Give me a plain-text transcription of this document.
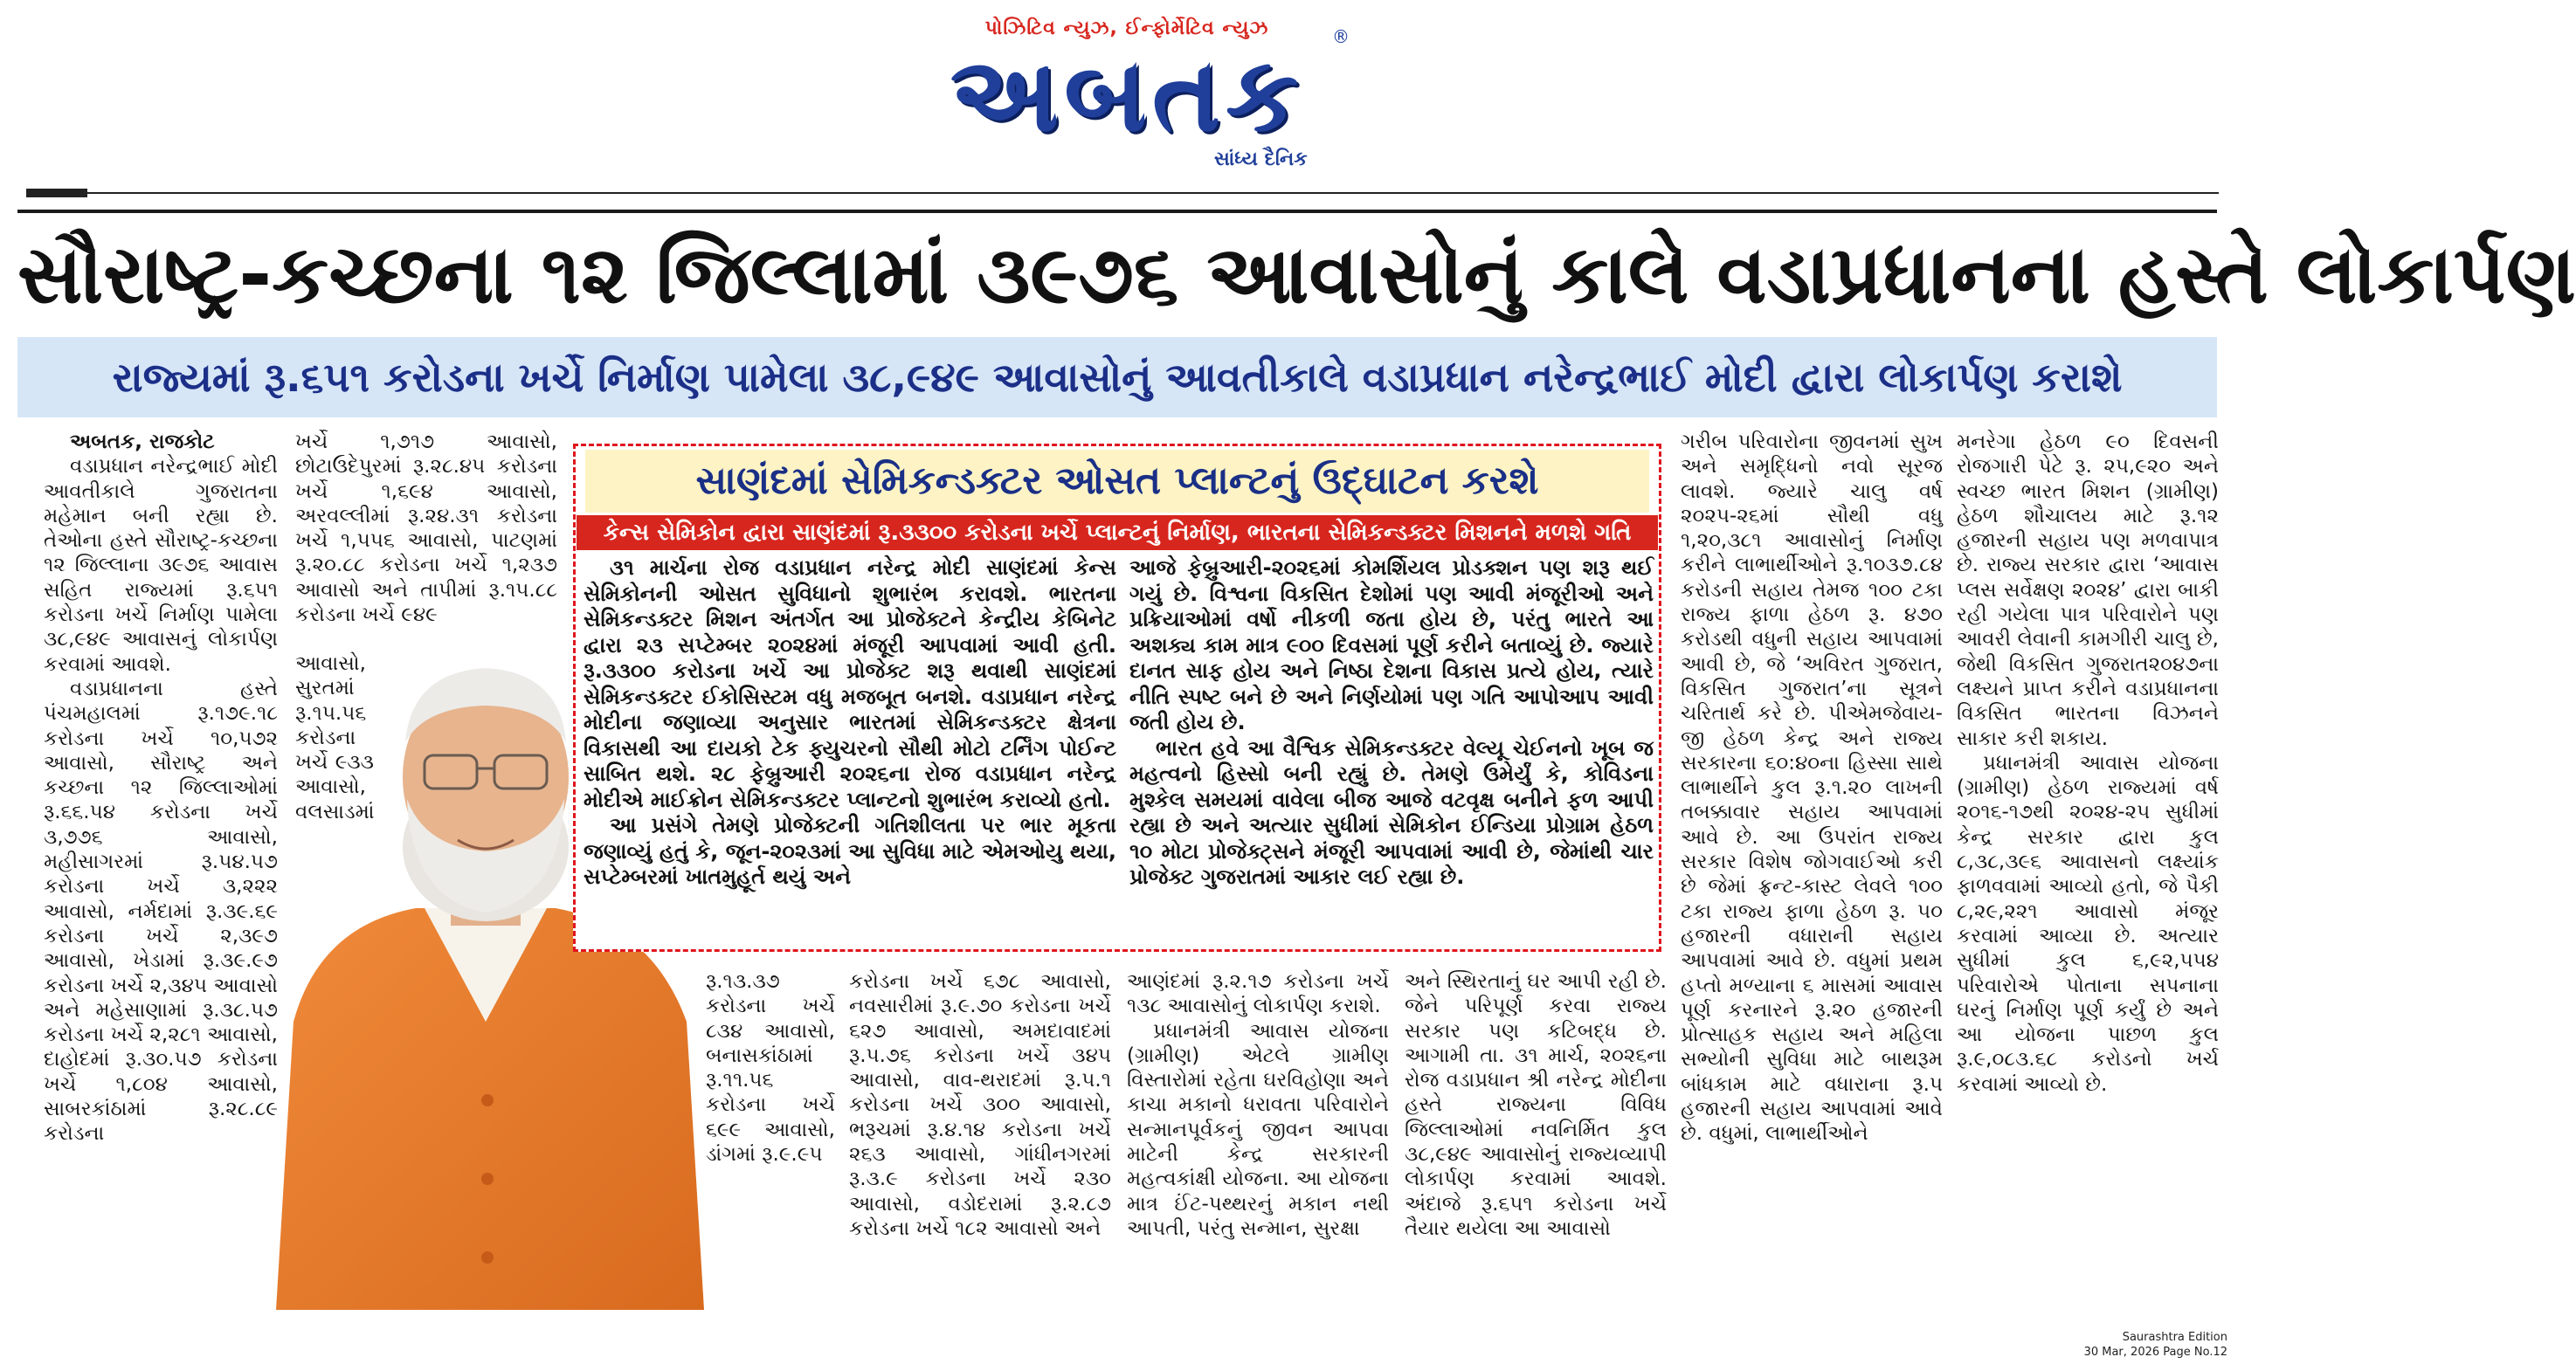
પોઝિટિવ ન્યુઝ, ઈન્ફોર્મેટિવ ન્યુઝ
અબતક	®
સાંધ્ય દૈનિક
સૌરાષ્ટ્ર-કચ્છના ૧૨ જિલ્લામાં ૩૯૭૬ આવાસોનું કાલે વડાપ્રધાનના હસ્તે લોકાર્પણ
રાજ્યમાં રૂ.૬૫૧ કરોડના ખર્ચે નિર્માણ પામેલા ૩૮,૯૪૯ આવાસોનું આવતીકાલે વડાપ્રધાન નરેન્દ્રભાઈ મોદી દ્વારા લોકાર્પણ કરાશે

અબતક, રાજકોટ

વડાપ્રધાન નરેન્દ્રભાઈ મોદી આવતીકાલે ગુજરાતના મહેમાન બની રહ્યા છે. તેઓના હસ્તે સૌરાષ્ટ્ર-કચ્છના ૧૨ જિલ્લાના ૩૯૭૬ આવાસ સહિત રાજ્યમાં રૂ.૬૫૧ કરોડના ખર્ચે નિર્માણ પામેલા ૩૮,૯૪૯ આવાસનું લોકાર્પણ કરવામાં આવશે.

વડાપ્રધાનના હસ્તે પંચમહાલમાં રૂ.૧૭૯.૧૮ કરોડના ખર્ચે ૧૦,૫૭૨ આવાસો, સૌરાષ્ટ્ર અને કચ્છના ૧૨ જિલ્લાઓમાં રૂ.૬૬.૫૪ કરોડના ખર્ચે ૩,૭૭૬ આવાસો, મહીસાગરમાં રૂ.૫૪.૫૭ કરોડના ખર્ચે ૩,૨૨૨ આવાસો, નર્મદામાં રૂ.૩૯.૬૯ કરોડના ખર્ચે ૨,૩૯૭ આવાસો, ખેડામાં રૂ.૩૯.૯૭ કરોડના ખર્ચે ૨,૩૪૫ આવાસો અને મહેસાણામાં રૂ.૩૮.૫૭ કરોડના ખર્ચે ૨,૨૮૧ આવાસો, દાહોદમાં રૂ.૩૦.૫૭ કરોડના ખર્ચે ૧,૮૦૪ આવાસો, સાબરકાંઠામાં રૂ.૨૮.૮૯ કરોડના

ખર્ચે ૧,૭૧૭ આવાસો, છોટાઉદેપુરમાં રૂ.૨૮.૪૫ કરોડના ખર્ચે ૧,૬૯૪ આવાસો, અરવલ્લીમાં રૂ.૨૪.૩૧ કરોડના ખર્ચે ૧,૫૫૬ આવાસો, પાટણમાં રૂ.૨૦.૮૮ કરોડના ખર્ચે ૧,૨૩૭ આવાસો અને તાપીમાં રૂ.૧૫.૮૮ કરોડના ખર્ચે ૯૪૯

આવાસો, સુરતમાં રૂ.૧૫.૫૬ કરોડના ખર્ચે ૯૩૩ આવાસો, વલસાડમાં

સાણંદમાં સેમિકન્ડક્ટર ઓસત પ્લાન્ટનું ઉદ્ઘાટન કરશે
કેન્સ સેમિકોન દ્વારા સાણંદમાં રૂ.૩૩૦૦ કરોડના ખર્ચે પ્લાન્ટનું નિર્માણ, ભારતના સેમિકન્ડક્ટર મિશનને મળશે ગતિ

૩૧ માર્ચના રોજ વડાપ્રધાન નરેન્દ્ર મોદી સાણંદમાં કેન્સ સેમિકોનની ઓસત સુવિધાનો શુભારંભ કરાવશે. ભારતના સેમિકન્ડક્ટર મિશન અંતર્ગત આ પ્રોજેક્ટને કેન્દ્રીય કેબિનેટ દ્વારા ૨૩ સપ્ટેમ્બર ૨૦૨૪માં મંજૂરી આપવામાં આવી હતી. રૂ.૩૩૦૦ કરોડના ખર્ચે આ પ્રોજેક્ટ શરૂ થવાથી સાણંદમાં સેમિકન્ડક્ટર ઈકોસિસ્ટમ વધુ મજબૂત બનશે. વડાપ્રધાન નરેન્દ્ર મોદીના જણાવ્યા અનુસાર ભારતમાં સેમિકન્ડક્ટર ક્ષેત્રના વિકાસથી આ દાયકો ટેક ફ્યુચરનો સૌથી મોટો ટર્નિંગ પોઈન્ટ સાબિત થશે. ૨૮ ફેબ્રુઆરી ૨૦૨૬ના રોજ વડાપ્રધાન નરેન્દ્ર મોદીએ માઈક્રોન સેમિકન્ડક્ટર પ્લાન્ટનો શુભારંભ કરાવ્યો હતો.

આ પ્રસંગે તેમણે પ્રોજેક્ટની ગતિશીલતા પર ભાર મૂકતા જણાવ્યું હતું કે, જૂન-૨૦૨૩માં આ સુવિધા માટે એમઓયુ થયા, સપ્ટેમ્બરમાં ખાતમુહૂર્ત થયું અને

આજે ફેબ્રુઆરી-૨૦૨૬માં કોમર્શિયલ પ્રોડક્શન પણ શરૂ થઈ ગયું છે. વિશ્વના વિકસિત દેશોમાં પણ આવી મંજૂરીઓ અને પ્રક્રિયાઓમાં વર્ષો નીકળી જતા હોય છે, પરંતુ ભારતે આ અશક્ય કામ માત્ર ૯૦૦ દિવસમાં પૂર્ણ કરીને બતાવ્યું છે. જ્યારે દાનત સાફ હોય અને નિષ્ઠા દેશના વિકાસ પ્રત્યે હોય, ત્યારે નીતિ સ્પષ્ટ બને છે અને નિર્ણયોમાં પણ ગતિ આપોઆપ આવી જતી હોય છે.

ભારત હવે આ વૈશ્વિક સેમિકન્ડક્ટર વેલ્યૂ ચેઈનનો ખૂબ જ મહત્વનો હિસ્સો બની રહ્યું છે. તેમણે ઉમેર્યું કે, કોવિડના મુશ્કેલ સમયમાં વાવેલા બીજ આજે વટવૃક્ષ બનીને ફળ આપી રહ્યા છે અને અત્યાર સુધીમાં સેમિકોન ઈન્ડિયા પ્રોગ્રામ હેઠળ ૧૦ મોટા પ્રોજેક્ટ્સને મંજૂરી આપવામાં આવી છે, જેમાંથી ચાર પ્રોજેક્ટ ગુજરાતમાં આકાર લઈ રહ્યા છે.

રૂ.૧૩.૩૭ કરોડના ખર્ચે ૮૩૪ આવાસો, બનાસકાંઠામાં રૂ.૧૧.૫૬ કરોડના ખર્ચે ૬૯૯ આવાસો, ડાંગમાં રૂ.૯.૯૫

કરોડના ખર્ચે ૬૭૮ આવાસો, નવસારીમાં રૂ.૯.૭૦ કરોડના ખર્ચે ૬૨૭ આવાસો, અમદાવાદમાં રૂ.૫.૭૬ કરોડના ખર્ચે ૩૪૫ આવાસો, વાવ-થરાદમાં રૂ.૫.૧ કરોડના ખર્ચે ૩૦૦ આવાસો, ભરૂચમાં રૂ.૪.૧૪ કરોડના ખર્ચે ૨૬૩ આવાસો, ગાંધીનગરમાં રૂ.૩.૯ કરોડના ખર્ચે ૨૩૦ આવાસો, વડોદરામાં રૂ.૨.૮૭ કરોડના ખર્ચે ૧૮૨ આવાસો અને

આણંદમાં રૂ.૨.૧૭ કરોડના ખર્ચે ૧૩૮ આવાસોનું લોકાર્પણ કરાશે.

પ્રધાનમંત્રી આવાસ યોજના (ગ્રામીણ) એટલે ગ્રામીણ વિસ્તારોમાં રહેતા ઘરવિહોણા અને કાચા મકાનો ધરાવતા પરિવારોને સન્માનપૂર્વકનું જીવન આપવા માટેની કેન્દ્ર સરકારની મહત્વકાંક્ષી યોજના. આ યોજના માત્ર ઈંટ-પથ્થરનું મકાન નથી આપતી, પરંતુ સન્માન, સુરક્ષા

અને સ્થિરતાનું ઘર આપી રહી છે. જેને પરિપૂર્ણ કરવા રાજ્ય સરકાર પણ કટિબદ્ધ છે. આગામી તા. ૩૧ માર્ચ, ૨૦૨૬ના રોજ વડાપ્રધાન શ્રી નરેન્દ્ર મોદીના હસ્તે રાજ્યના વિવિધ જિલ્લાઓમાં નવનિર્મિત કુલ ૩૮,૯૪૯ આવાસોનું રાજ્યવ્યાપી લોકાર્પણ કરવામાં આવશે. અંદાજે રૂ.૬૫૧ કરોડના ખર્ચે તૈયાર થયેલા આ આવાસો

ગરીબ પરિવારોના જીવનમાં સુખ અને સમૃદ્ધિનો નવો સૂરજ લાવશે. જ્યારે ચાલુ વર્ષ ૨૦૨૫-૨૬માં સૌથી વધુ ૧,૨૦,૩૮૧ આવાસોનું નિર્માણ કરીને લાભાર્થીઓને રૂ.૧૦૩૭.૮૪ કરોડની સહાય તેમજ ૧૦૦ ટકા રાજ્ય ફાળા હેઠળ રૂ. ૪૭૦ કરોડથી વધુની સહાય આપવામાં આવી છે, જે ‘અવિરત ગુજરાત, વિકસિત ગુજરાત’ના સૂત્રને ચરિતાર્થ કરે છે. પીએમજેવાય-જી હેઠળ કેન્દ્ર અને રાજ્ય સરકારના ૬૦:૪૦ના હિસ્સા સાથે લાભાર્થીને કુલ રૂ.૧.૨૦ લાખની તબક્કાવાર સહાય આપવામાં આવે છે. આ ઉપરાંત રાજ્ય સરકાર વિશેષ જોગવાઈઓ કરી છે જેમાં ફ્રન્ટ-કાસ્ટ લેવલે ૧૦૦ ટકા રાજ્ય ફાળા હેઠળ રૂ. ૫૦ હજારની વધારાની સહાય આપવામાં આવે છે. વધુમાં પ્રથમ હપ્તો મળ્યાના ૬ માસમાં આવાસ પૂર્ણ કરનારને રૂ.૨૦ હજારની પ્રોત્સાહક સહાય અને મહિલા સભ્યોની સુવિધા માટે બાથરૂમ બાંધકામ માટે વધારાના રૂ.૫ હજારની સહાય આપવામાં આવે છે. વધુમાં, લાભાર્થીઓને

મનરેગા હેઠળ ૯૦ દિવસની રોજગારી પેટે રૂ. ૨૫,૯૨૦ અને સ્વચ્છ ભારત મિશન (ગ્રામીણ) હેઠળ શૌચાલય માટે રૂ.૧૨ હજારની સહાય પણ મળવાપાત્ર છે. રાજ્ય સરકાર દ્વારા ‘આવાસ પ્લસ સર્વેક્ષણ ૨૦૨૪’ દ્વારા બાકી રહી ગયેલા પાત્ર પરિવારોને પણ આવરી લેવાની કામગીરી ચાલુ છે, જેથી વિકસિત ગુજરાત૨૦૪૭ના લક્ષ્યને પ્રાપ્ત કરીને વડાપ્રધાનના વિકસિત ભારતના વિઝનને સાકાર કરી શકાય.

પ્રધાનમંત્રી આવાસ યોજના (ગ્રામીણ) હેઠળ રાજ્યમાં વર્ષ ૨૦૧૬-૧૭થી ૨૦૨૪-૨૫ સુધીમાં કેન્દ્ર સરકાર દ્વારા કુલ ૮,૩૮,૩૯૬ આવાસનો લક્ષ્યાંક ફાળવવામાં આવ્યો હતો, જે પૈકી ૮,૨૯,૨૨૧ આવાસો મંજૂર કરવામાં આવ્યા છે. અત્યાર સુધીમાં કુલ ૬,૯૨,૫૫૪ પરિવારોએ પોતાના સપનાના ઘરનું નિર્માણ પૂર્ણ કર્યું છે અને આ યોજના પાછળ કુલ રૂ.૯,૦૮૩.૬૮ કરોડનો ખર્ચ કરવામાં આવ્યો છે.

Saurashtra Edition
30 Mar, 2026 Page No.12
